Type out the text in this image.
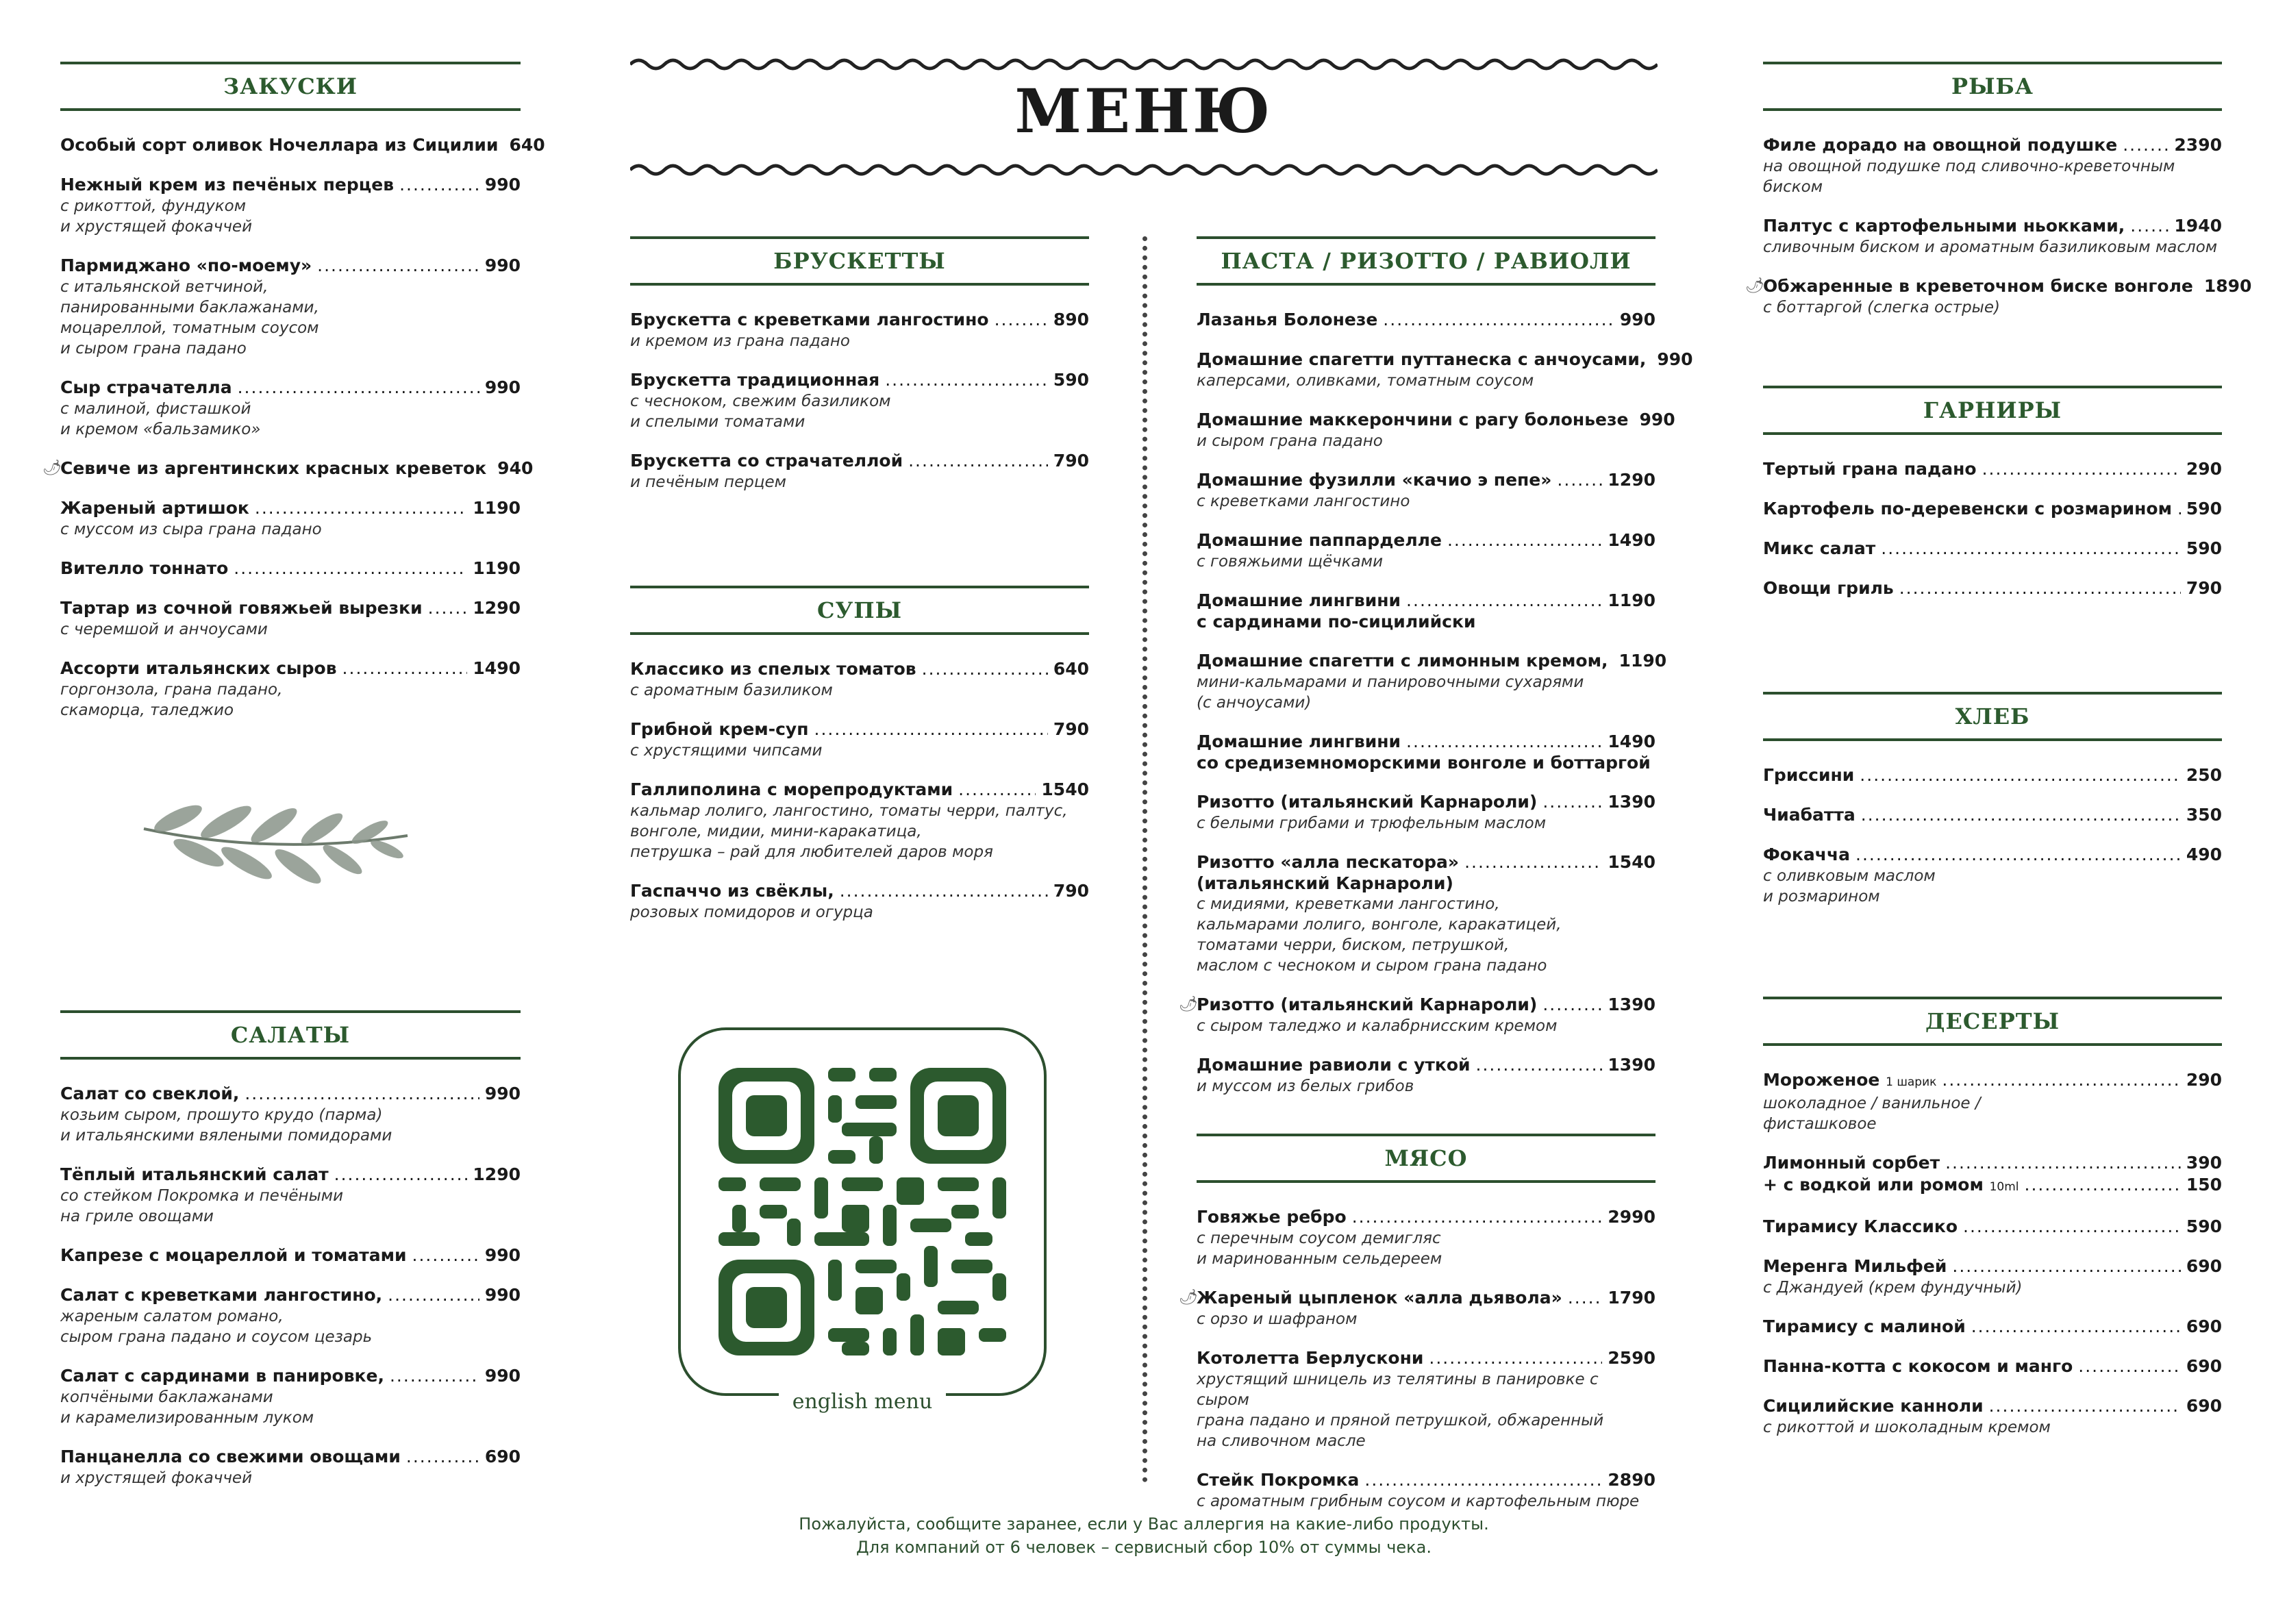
МЕНЮ
ЗАКУСКИ
Особый сорт оливок Ночеллара из Сицилии 640
Нежный крем из печёных перцев .....	990
с рикоттой, фундуком
и хрустящей фокаччей
Пармиджано «по-моему» .....	990
с итальянской ветчиной,
панированными баклажанами,
моцареллой, томатным соусом
и сыром грана падано
Сыр страчателла .....	990
с малиной, фисташкой
и кремом «бальзамико»
🌶
Севиче из аргентинских красных креветок 940
Жареный артишок .....	1190
с муссом из сыра грана падано
Вителло тоннато .....	1190
Тартар из сочной говяжьей вырезки .....	1290
с черемшой и анчоусами
Ассорти итальянских сыров .....	1490
горгонзола, грана падано,
скаморца, таледжио
САЛАТЫ
Салат со свеклой, .....	990
козьим сыром, прошуто крудо (парма)
и итальянскими вялеными помидорами
Тёплый итальянский салат .....	1290
со стейком Покромка и печёными
на гриле овощами
Капрезе с моцареллой и томатами .....	990
Салат с креветками лангостино, .....	990
жареным салатом романо,
сыром грана падано и соусом цезарь
Салат с сардинами в панировке, .....	990
копчёными баклажанами
и карамелизированным луком
Панцанелла со свежими овощами .....	690
и хрустящей фокаччей
БРУСКЕТТЫ
Брускетта с креветками лангостино .....	890
и кремом из грана падано
Брускетта традиционная .....	590
с чесноком, свежим базиликом
и спелыми томатами
Брускетта со страчателлой .....	790
и печёным перцем
СУПЫ
Классико из спелых томатов .....	640
с ароматным базиликом
Грибной крем-суп .....	790
с хрустящими чипсами
Галлиполина с морепродуктами .....	1540
кальмар лолиго, лангостино, томаты черри, палтус,
вонголе, мидии, мини-каракатица,
петрушка – рай для любителей даров моря
Гаспаччо из свёклы, .....	790
розовых помидоров и огурца
english menu
ПАСТА / РИЗОТТО / РАВИОЛИ
Лазанья Болонезе .....	990
Домашние спагетти путтанеска с анчоусами, 990
каперсами, оливками, томатным соусом
Домашние маккерончини с рагу болоньезе 990
и сыром грана падано
Домашние фузилли «качио э пепе» .....	1290
с креветками лангостино
Домашние паппарделле .....	1490
с говяжьими щёчками
Домашние лингвини .....	1190
с сардинами по-сицилийски
Домашние спагетти с лимонным кремом, 1190
мини-кальмарами и панировочными сухарями
(с анчоусами)
Домашние лингвини .....	1490
со средиземноморскими вонголе и боттаргой
Ризотто (итальянский Карнароли) .....	1390
с белыми грибами и трюфельным маслом
Ризотто «алла пескатора» .....	1540
(итальянский Карнароли)
с мидиями, креветками лангостино,
кальмарами лолиго, вонголе, каракатицей,
томатами черри, биском, петрушкой,
маслом с чесноком и сыром грана падано
🌶
Ризотто (итальянский Карнароли) .....	1390
с сыром таледжо и калабрнисским кремом
Домашние равиоли с уткой .....	1390
и муссом из белых грибов
МЯСО
Говяжье ребро .....	2990
с перечным соусом демигляс
и маринованным сельдереем
🌶
Жареный цыпленок «алла дьявола» .....	1790
с орзо и шафраном
Котолетта Берлускони .....	2590
хрустящий шницель из телятины в панировке с сыром
грана падано и пряной петрушкой, обжаренный
на сливочном масле
Стейк Покромка .....	2890
с ароматным грибным соусом и картофельным пюре
РЫБА
Филе дорадо на овощной подушке .....	2390
на овощной подушке под сливочно-креветочным биском
Палтус с картофельными ньокками, .....	1940
сливочным биском и ароматным базиликовым маслом
🌶
Обжаренные в креветочном биске вонголе 1890
с боттаргой (слегка острые)
ГАРНИРЫ
Тертый грана падано .....	290
Картофель по-деревенски с розмарином ..... 590
Микс салат .....	590
Овощи гриль .....	790
ХЛЕБ
Гриссини .....	250
Чиабатта .....	350
Фокачча .....	490
с оливковым маслом
и розмарином
ДЕСЕРТЫ
Мороженое 1 шарик .....	290
шоколадное / ванильное /
фисташковое
Лимонный сорбет .....	390
+ с водкой или ромом 10ml .....	150
Тирамису Классико .....	590
Меренга Мильфей .....	690
с Джандуей (крем фундучный)
Тирамису с малиной .....	690
Панна-котта с кокосом и манго .....	690
Сицилийские канноли .....	690
с рикоттой и шоколадным кремом
Пожалуйста, сообщите заранее, если у Вас аллергия на какие-либо продукты.
Для компаний от 6 человек – сервисный сбор 10% от суммы чека.
